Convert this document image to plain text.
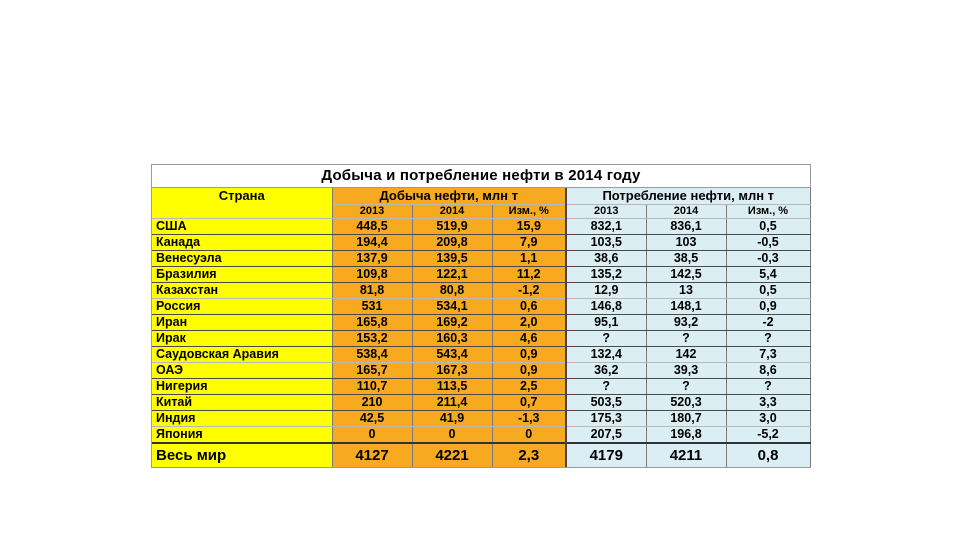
Добыча и потребление нефти в 2014 году
Страна	Добыча нефти, млн т			Потребление нефти, млн т		
	2013	2014	Изм., %	2013	2014	Изм., %
США	448,5	519,9	15,9	832,1	836,1	0,5
Канада	194,4	209,8	7,9	103,5	103	-0,5
Венесуэла	137,9	139,5	1,1	38,6	38,5	-0,3
Бразилия	109,8	122,1	11,2	135,2	142,5	5,4
Казахстан	81,8	80,8	-1,2	12,9	13	0,5
Россия	531	534,1	0,6	146,8	148,1	0,9
Иран	165,8	169,2	2,0	95,1	93,2	-2
Ирак	153,2	160,3	4,6	?	?	?
Саудовская Аравия	538,4	543,4	0,9	132,4	142	7,3
ОАЭ	165,7	167,3	0,9	36,2	39,3	8,6
Нигерия	110,7	113,5	2,5	?	?	?
Китай	210	211,4	0,7	503,5	520,3	3,3
Индия	42,5	41,9	-1,3	175,3	180,7	3,0
Япония	0	0	0	207,5	196,8	-5,2
Весь мир	4127	4221	2,3	4179	4211	0,8
